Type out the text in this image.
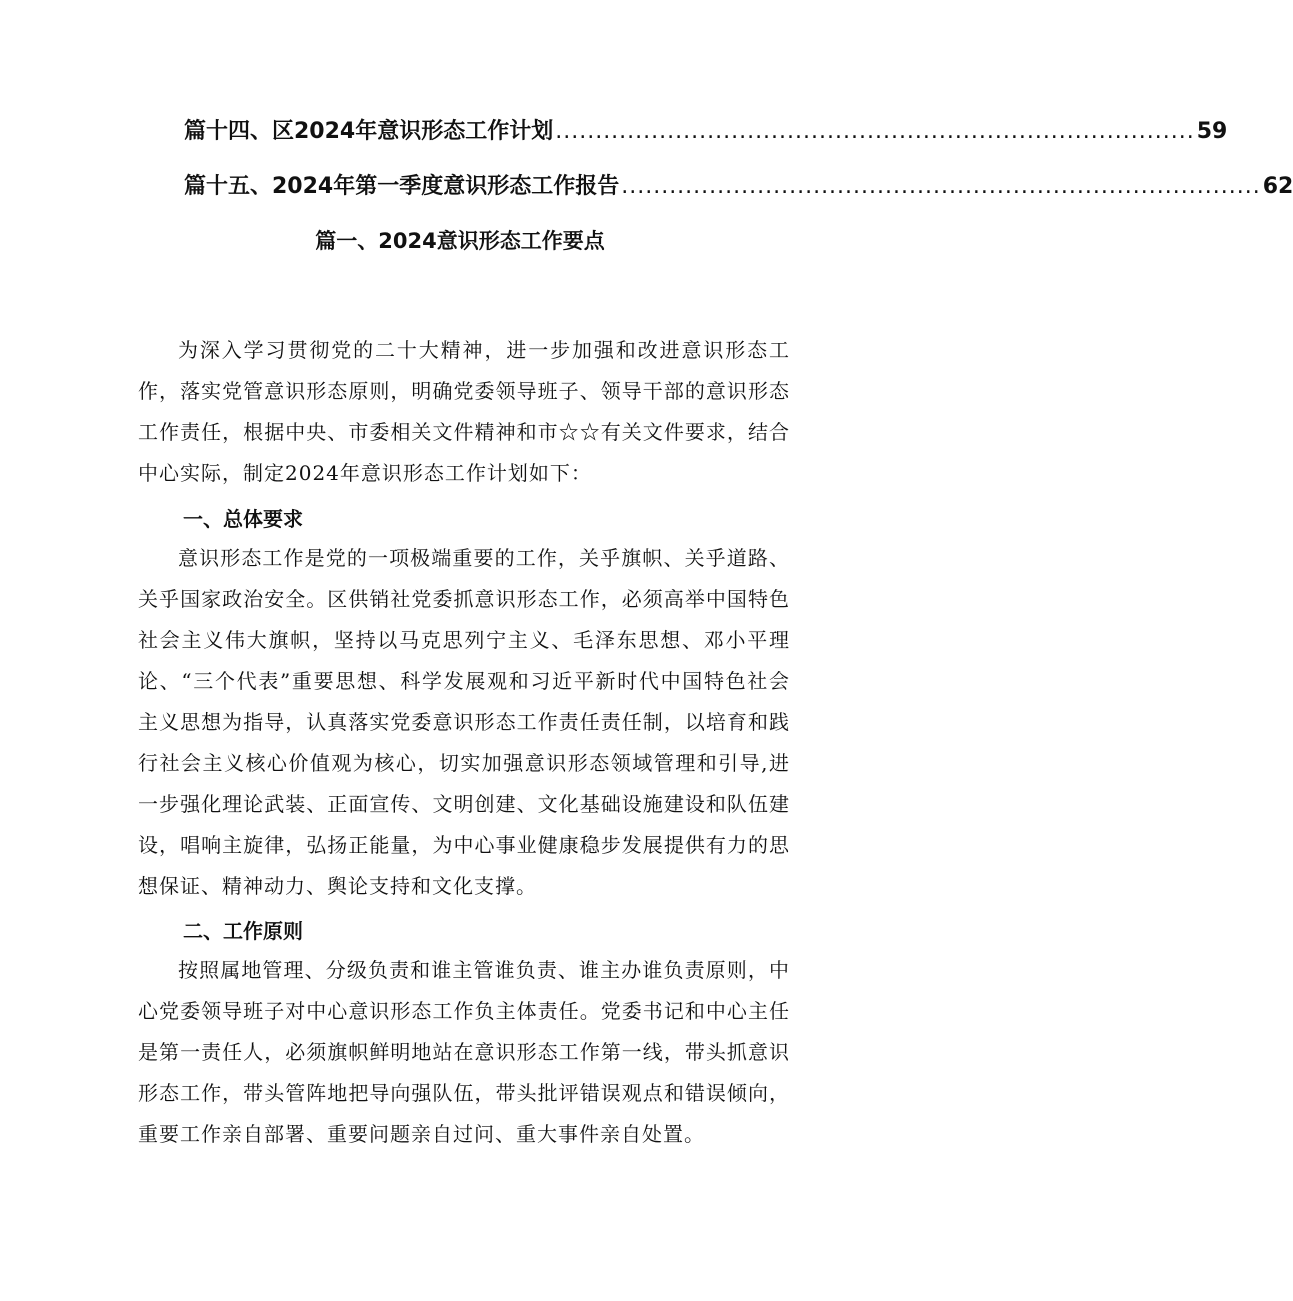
篇十四、区2024年意识形态工作计划 ................................................................................ 59
篇十五、2024年第一季度意识形态工作报告 ................................................................................ 62
篇一、2024意识形态工作要点

为深入学习贯彻党的二十大精神，进一步加强和改进意识形态工作，落实党管意识形态原则，明确党委领导班子、领导干部的意识形态工作责任，根据中央、市委相关文件精神和市☆☆有关文件要求，结合中心实际，制定2024年意识形态工作计划如下：

一、总体要求

意识形态工作是党的一项极端重要的工作，关乎旗帜、关乎道路、关乎国家政治安全。区供销社党委抓意识形态工作，必须高举中国特色社会主义伟大旗帜，坚持以马克思列宁主义、毛泽东思想、邓小平理论、“三个代表”重要思想、科学发展观和习近平新时代中国特色社会主义思想为指导，认真落实党委意识形态工作责任责任制，以培育和践行社会主义核心价值观为核心，切实加强意识形态领域管理和引导,进一步强化理论武装、正面宣传、文明创建、文化基础设施建设和队伍建设，唱响主旋律，弘扬正能量，为中心事业健康稳步发展提供有力的思想保证、精神动力、舆论支持和文化支撑。

二、工作原则

按照属地管理、分级负责和谁主管谁负责、谁主办谁负责原则，中心党委领导班子对中心意识形态工作负主体责任。党委书记和中心主任是第一责任人，必须旗帜鲜明地站在意识形态工作第一线，带头抓意识形态工作，带头管阵地把导向强队伍，带头批评错误观点和错误倾向，重要工作亲自部署、重要问题亲自过问、重大事件亲自处置。
